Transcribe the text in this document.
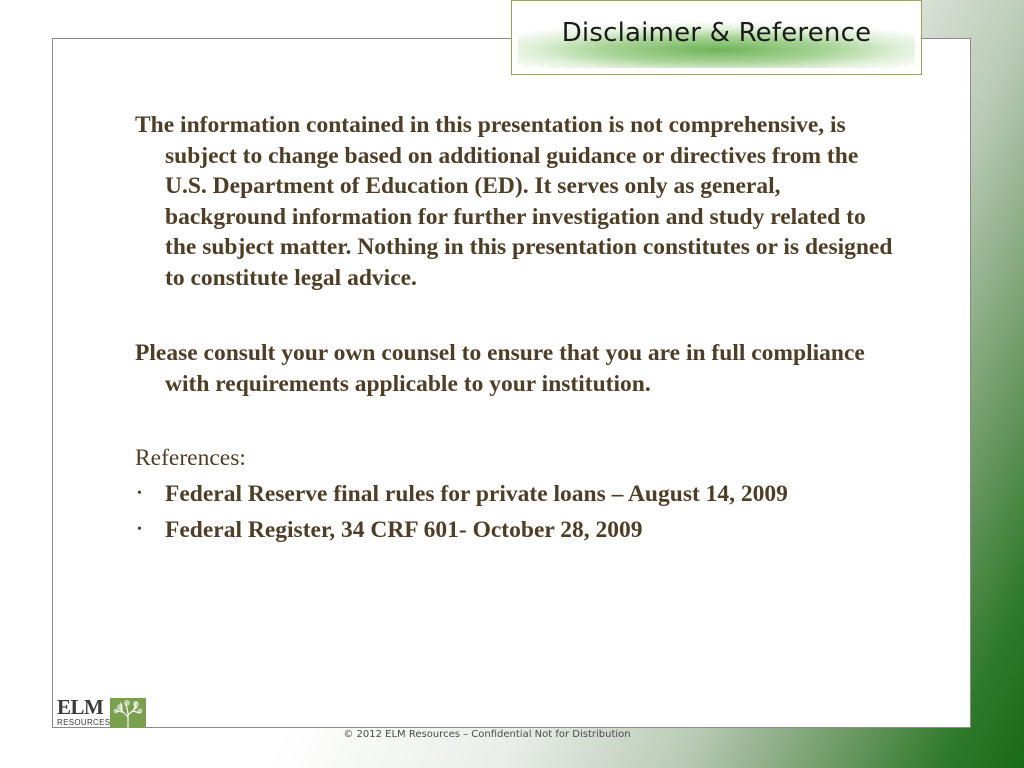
Disclaimer & Reference

The information contained in this presentation is not comprehensive, is subject to change based on additional guidance or directives from the U.S. Department of Education (ED). It serves only as general, background information for further investigation and study related to the subject matter. Nothing in this presentation constitutes or is designed to constitute legal advice.

Please consult your own counsel to ensure that you are in full compliance with requirements applicable to your institution.

References:
• Federal Reserve final rules for private loans – August 14, 2009
• Federal Register, 34 CRF 601- October 28, 2009
ELM
RESOURCES
© 2012 ELM Resources – Confidential Not for Distribution
